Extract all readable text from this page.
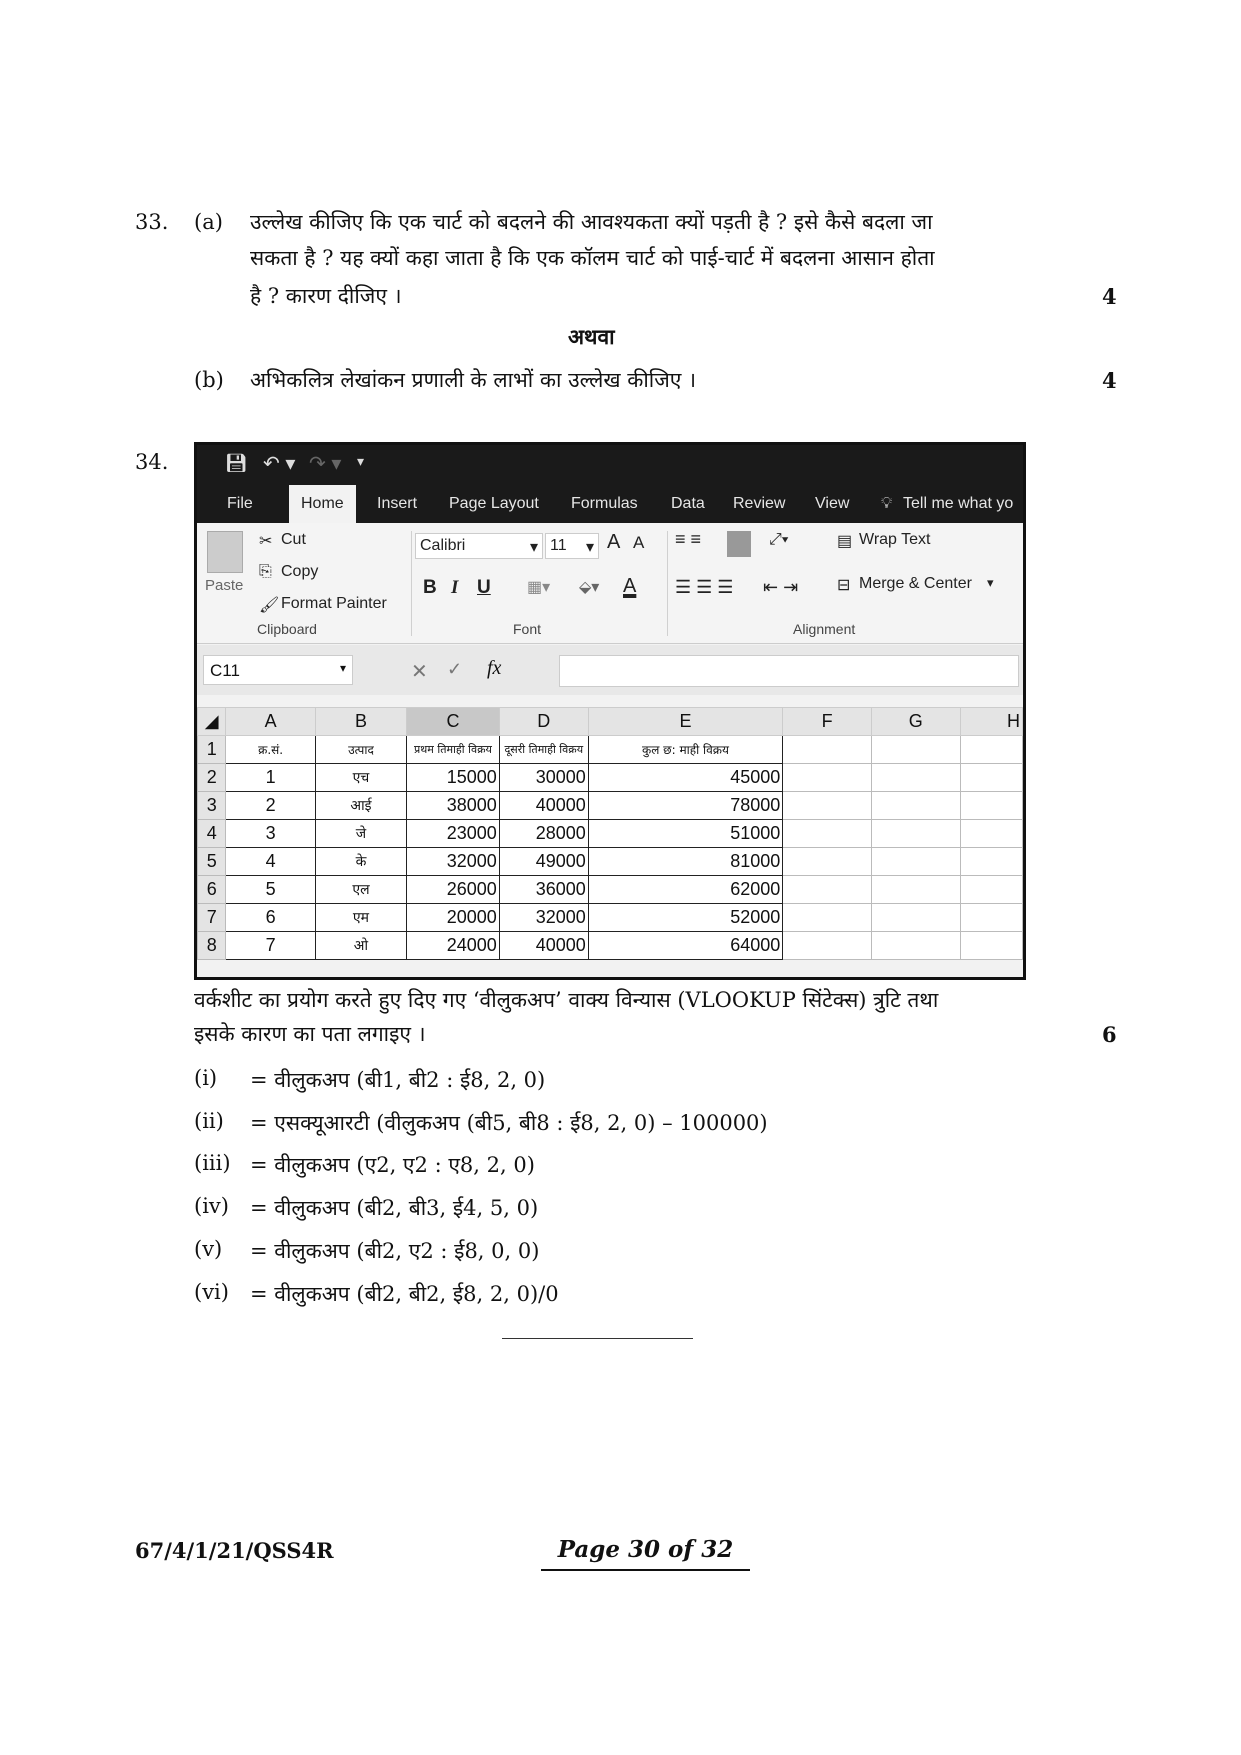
33. (a) उल्लेख कीजिए कि एक चार्ट को बदलने की आवश्यकता क्यों पड़ती है ? इसे कैसे बदला जा
सकता है ? यह क्यों कहा जाता है कि एक कॉलम चार्ट को पाई-चार्ट में बदलना आसान होता
है ? कारण दीजिए ।	4
अथवा
(b) अभिकलित्र लेखांकन प्रणाली के लाभों का उल्लेख कीजिए ।	4
34.	💾︎ ↶ ▾ ↷ ▾ ▾
File	Home	Insert Page Layout Formulas Data Review View 💡︎ Tell me what yo
Paste
✂ Cut
⎘ Copy
🖌︎ Format Painter
Clipboard
Calibri	▾ 11 ▾ A A
B I U ▦▾ ⬙▾ A
Font
≡ ≡	⤢▾
☰ ☰ ☰ ⇤ ⇥
▤ Wrap Text
⊟ Merge & Center ▾
Alignment
C11	▾	✕ ✓ fx
◢	A	B	C	D	E	F	G	H
1	क्र.सं.	उत्पाद	प्रथम तिमाही विक्रय	दूसरी तिमाही विक्रय	कुल छ: माही विक्रय			
2	1	एच	15000	30000	45000			
3	2	आई	38000	40000	78000			
4	3	जे	23000	28000	51000			
5	4	के	32000	49000	81000			
6	5	एल	26000	36000	62000			
7	6	एम	20000	32000	52000			
8	7	ओ	24000	40000	64000			
वर्कशीट का प्रयोग करते हुए दिए गए ‘वीलुकअप’ वाक्य विन्यास (VLOOKUP सिंटेक्स) त्रुटि तथा
इसके कारण का पता लगाइए ।	6
(i) = वीलुकअप (बी1, बी2 : ई8, 2, 0)
(ii) = एसक्यूआरटी (वीलुकअप (बी5, बी8 : ई8, 2, 0) – 100000)
(iii) = वीलुकअप (ए2, ए2 : ए8, 2, 0)
(iv) = वीलुकअप (बी2, बी3, ई4, 5, 0)
(v) = वीलुकअप (बी2, ए2 : ई8, 0, 0)
(vi) = वीलुकअप (बी2, बी2, ई8, 2, 0)/0
67/4/1/21/QSS4R	Page 30 of 32
